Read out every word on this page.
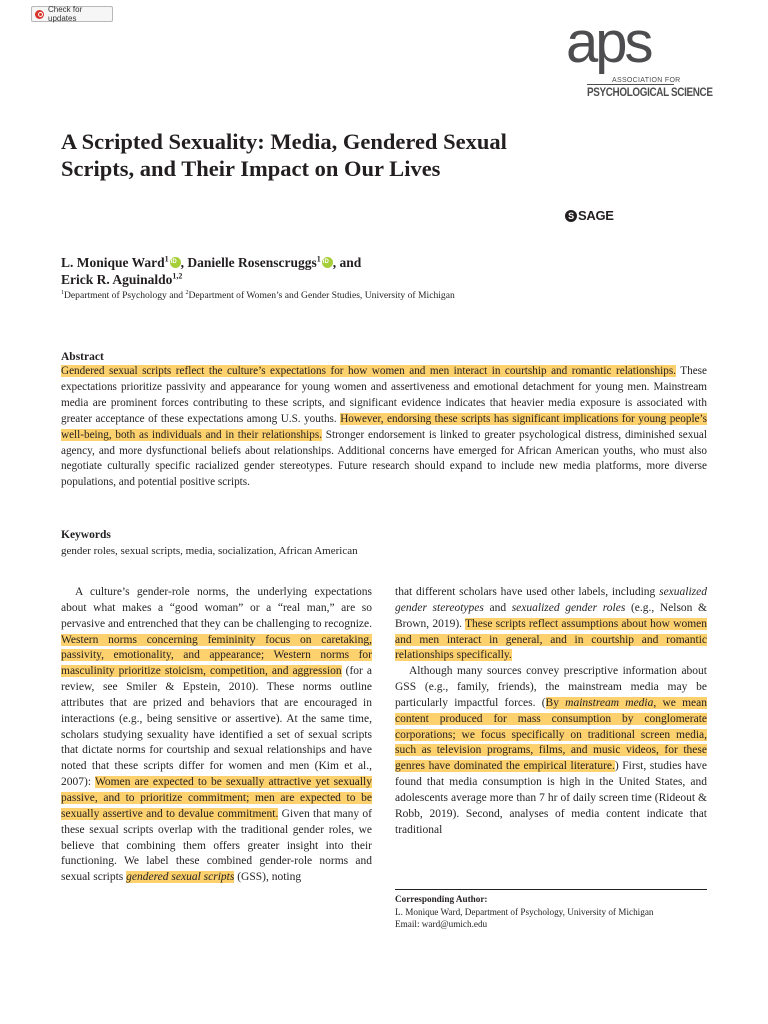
Check for updates	aps
ASSOCIATION FOR
PSYCHOLOGICAL SCIENCE
A Scripted Sexuality: Media, Gendered Sexual Scripts, and Their Impact on Our Lives
S SAGE
L. Monique Ward$^1$ iD , Danielle Rosenscruggs$^1$ iD , and
Erick R. Aguinaldo$^{1,2}$
$^1$Department of Psychology and $^2$Department of Women’s and Gender Studies, University of Michigan
Abstract

Gendered sexual scripts reflect the culture’s expectations for how women and men interact in courtship and romantic relationships. These expectations prioritize passivity and appearance for young women and assertiveness and emotional detachment for young men. Mainstream media are prominent forces contributing to these scripts, and significant evidence indicates that heavier media exposure is associated with greater acceptance of these expectations among U.S. youths. However, endorsing these scripts has significant implications for young people’s well-being, both as individuals and in their relationships. Stronger endorsement is linked to greater psychological distress, diminished sexual agency, and more dysfunctional beliefs about relationships. Additional concerns have emerged for African American youths, who must also negotiate culturally specific racialized gender stereotypes. Future research should expand to include new media platforms, more diverse populations, and potential positive scripts.

Keywords
gender roles, sexual scripts, media, socialization, African American

A culture’s gender-role norms, the underlying expectations about what makes a “good woman” or a “real man,” are so pervasive and entrenched that they can be challenging to recognize. Western norms concerning femininity focus on caretaking, passivity, emotionality, and appearance; Western norms for masculinity prioritize stoicism, competition, and aggression (for a review, see Smiler & Epstein, 2010). These norms outline attributes that are prized and behaviors that are encouraged in interactions (e.g., being sensitive or assertive). At the same time, scholars studying sexuality have identified a set of sexual scripts that dictate norms for courtship and sexual relationships and have noted that these scripts differ for women and men (Kim et al., 2007): Women are expected to be sexually attractive yet sexually passive, and to prioritize commitment; men are expected to be sexually assertive and to devalue commitment. Given that many of these sexual scripts overlap with the traditional gender roles, we believe that combining them offers greater insight into their functioning. We label these combined gender-role norms and sexual scripts gendered sexual scripts (GSS), noting

that different scholars have used other labels, including sexualized gender stereotypes and sexualized gender roles (e.g., Nelson & Brown, 2019). These scripts reflect assumptions about how women and men interact in general, and in courtship and romantic relationships specifically.
Although many sources convey prescriptive information about GSS (e.g., family, friends), the mainstream media may be particularly impactful forces. (By mainstream media, we mean content produced for mass consumption by conglomerate corporations; we focus specifically on traditional screen media, such as television programs, films, and music videos, for these genres have dominated the empirical literature.) First, studies have found that media consumption is high in the United States, and adolescents average more than 7 hr of daily screen time (Rideout & Robb, 2019). Second, analyses of media content indicate that traditional

Corresponding Author:
L. Monique Ward, Department of Psychology, University of Michigan
Email: ward@umich.edu
